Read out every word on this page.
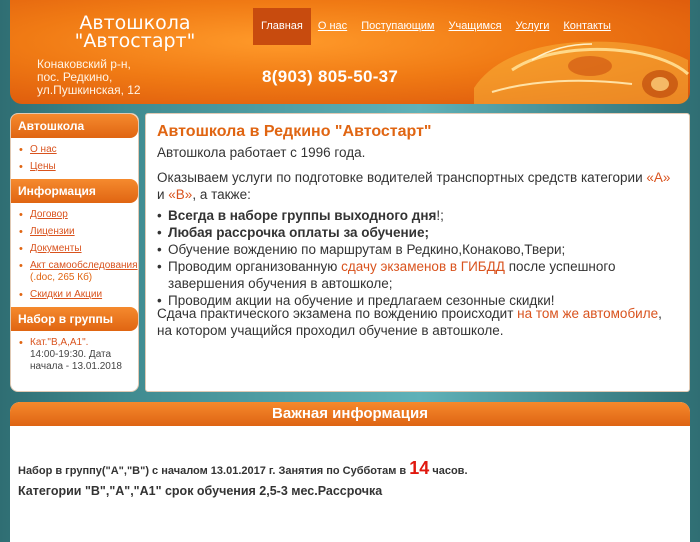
Автошкола
"Автостарт"
Конаковский р-н,
пос. Редкино,
ул.Пушкинская, 12
8(903) 805-50-37
Главная	О нас	Поступающим	Учащимся	Услуги	Контакты
Автошкола
• О нас
• Цены
Информация
• Договор
• Лицензии
• Документы
• Акт самообследования
(.doc, 265 Кб)
• Скидки и Акции
Набор в группы
• Кат."В,А,А1".
14:00-19:30. Дата начала - 13.01.2018
Автошкола в Редкино "Автостарт"

Автошкола работает с 1996 года.

Оказываем услуги по подготовке водителей транспортных средств категории «А» и «В», а также:

• Всегда в наборе группы выходного дня!;
• Любая рассрочка оплаты за обучение;
• Обучение вождению по маршрутам в Редкино,Конаково,Твери;
• Проводим организованную сдачу экзаменов в ГИБДД после успешного завершения обучения в автошколе;
• Проводим акции на обучение и предлагаем сезонные скидки!

Сдача практического экзамена по вождению происходит на том же автомобиле, на котором учащийся проходил обучение в автошколе.

Важная информация
Набор в группу("А","В") с началом 13.01.2017 г. Занятия по Субботам в 14 часов.
Категории "В","А","А1" срок обучения 2,5-3 мес.Рассрочка
